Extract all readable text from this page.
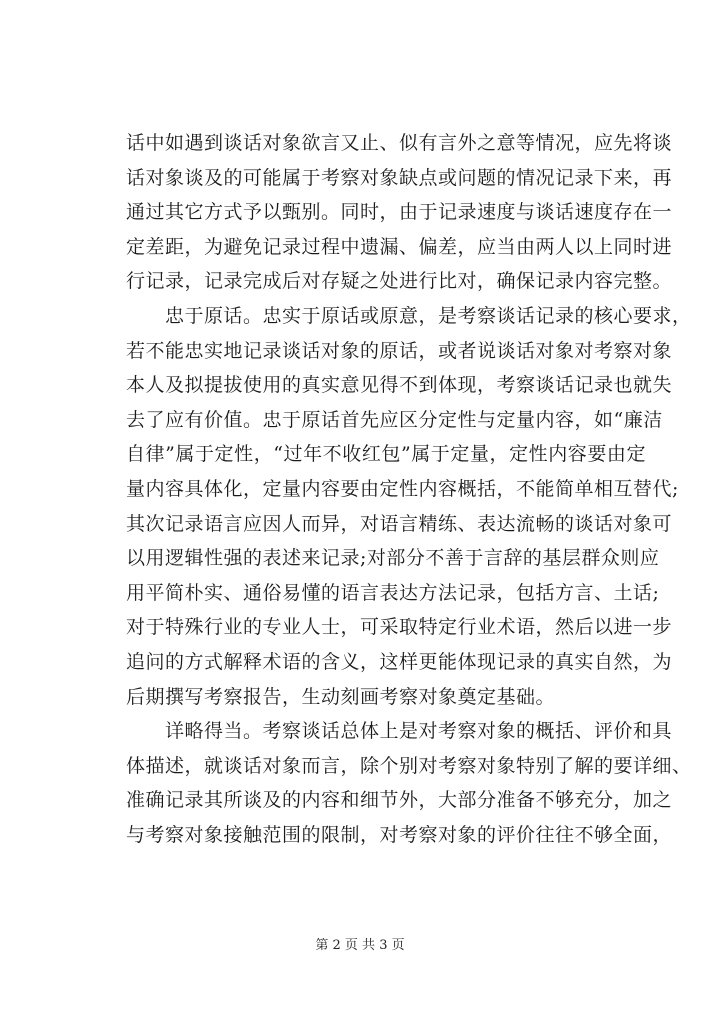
话中如遇到谈话对象欲言又止、似有言外之意等情况，应先将谈
话对象谈及的可能属于考察对象缺点或问题的情况记录下来，再
通过其它方式予以甄别。同时，由于记录速度与谈话速度存在一
定差距，为避免记录过程中遗漏、偏差，应当由两人以上同时进
行记录，记录完成后对存疑之处进行比对，确保记录内容完整。
忠于原话。忠实于原话或原意，是考察谈话记录的核心要求，
若不能忠实地记录谈话对象的原话，或者说谈话对象对考察对象
本人及拟提拔使用的真实意见得不到体现，考察谈话记录也就失
去了应有价值。忠于原话首先应区分定性与定量内容，如“廉洁
自律”属于定性，“过年不收红包”属于定量，定性内容要由定
量内容具体化，定量内容要由定性内容概括，不能简单相互替代;
其次记录语言应因人而异，对语言精练、表达流畅的谈话对象可
以用逻辑性强的表述来记录;对部分不善于言辞的基层群众则应
用平简朴实、通俗易懂的语言表达方法记录，包括方言、土话;
对于特殊行业的专业人士，可采取特定行业术语，然后以进一步
追问的方式解释术语的含义，这样更能体现记录的真实自然，为
后期撰写考察报告，生动刻画考察对象奠定基础。
详略得当。考察谈话总体上是对考察对象的概括、评价和具
体描述，就谈话对象而言，除个别对考察对象特别了解的要详细、
准确记录其所谈及的内容和细节外，大部分准备不够充分，加之
与考察对象接触范围的限制，对考察对象的评价往往不够全面，
第 2 页 共 3 页
